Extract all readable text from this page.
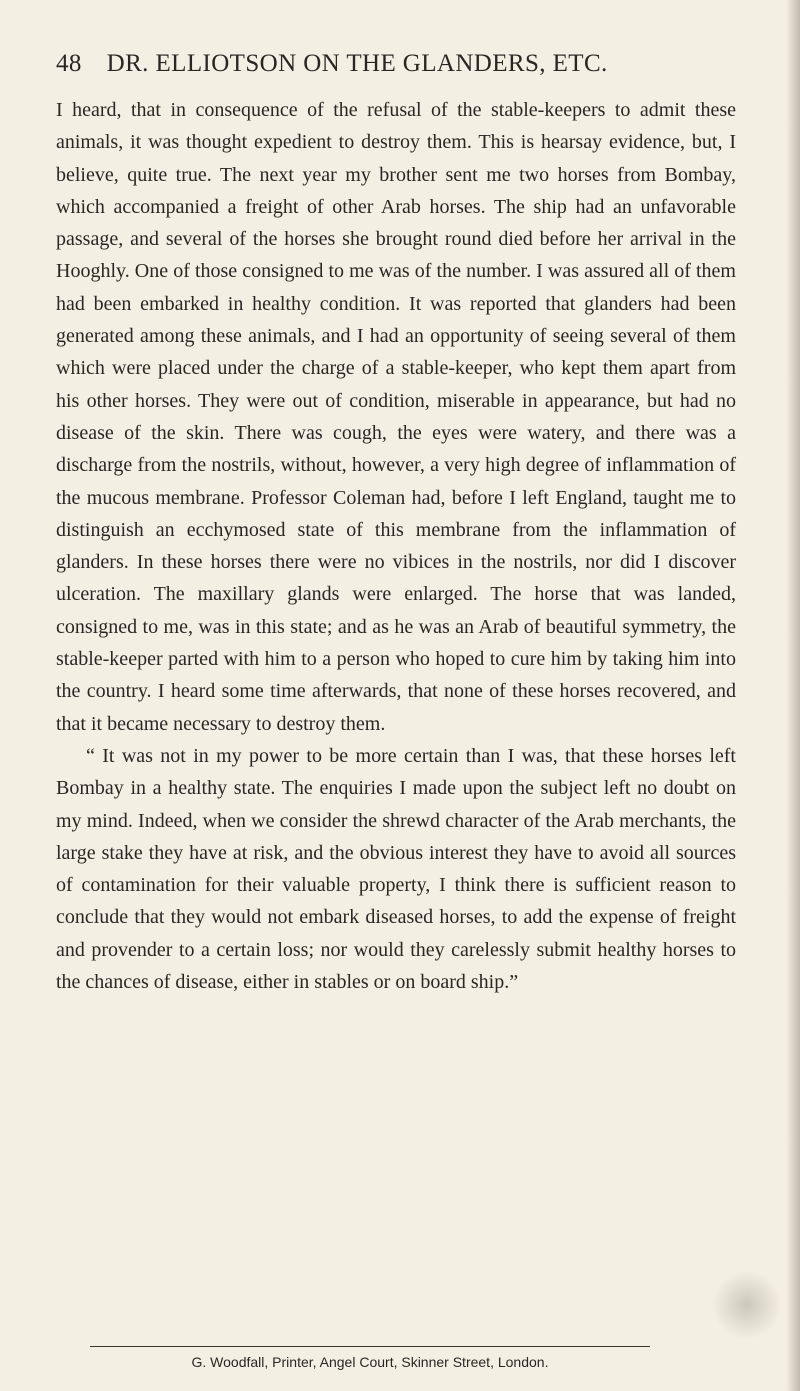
48 DR. ELLIOTSON ON THE GLANDERS, ETC.

I heard, that in consequence of the refusal of the stable-keepers to admit these animals, it was thought expedient to destroy them. This is hearsay evidence, but, I believe, quite true. The next year my brother sent me two horses from Bombay, which accompanied a freight of other Arab horses. The ship had an unfavorable passage, and several of the horses she brought round died before her arrival in the Hooghly. One of those consigned to me was of the number. I was assured all of them had been embarked in healthy condition. It was reported that glanders had been generated among these animals, and I had an opportunity of seeing several of them which were placed under the charge of a stable-keeper, who kept them apart from his other horses. They were out of condition, miserable in appearance, but had no disease of the skin. There was cough, the eyes were watery, and there was a discharge from the nostrils, without, however, a very high degree of inflammation of the mucous membrane. Professor Coleman had, before I left England, taught me to distinguish an ecchymosed state of this membrane from the inflammation of glanders. In these horses there were no vibices in the nostrils, nor did I discover ulceration. The maxillary glands were enlarged. The horse that was landed, consigned to me, was in this state; and as he was an Arab of beautiful symmetry, the stable-keeper parted with him to a person who hoped to cure him by taking him into the country. I heard some time afterwards, that none of these horses recovered, and that it became necessary to destroy them.

“ It was not in my power to be more certain than I was, that these horses left Bombay in a healthy state. The enquiries I made upon the subject left no doubt on my mind. Indeed, when we consider the shrewd character of the Arab merchants, the large stake they have at risk, and the obvious interest they have to avoid all sources of contamination for their valuable property, I think there is sufficient reason to conclude that they would not embark diseased horses, to add the expense of freight and provender to a certain loss; nor would they carelessly submit healthy horses to the chances of disease, either in stables or on board ship.”

G. Woodfall, Printer, Angel Court, Skinner Street, London.
